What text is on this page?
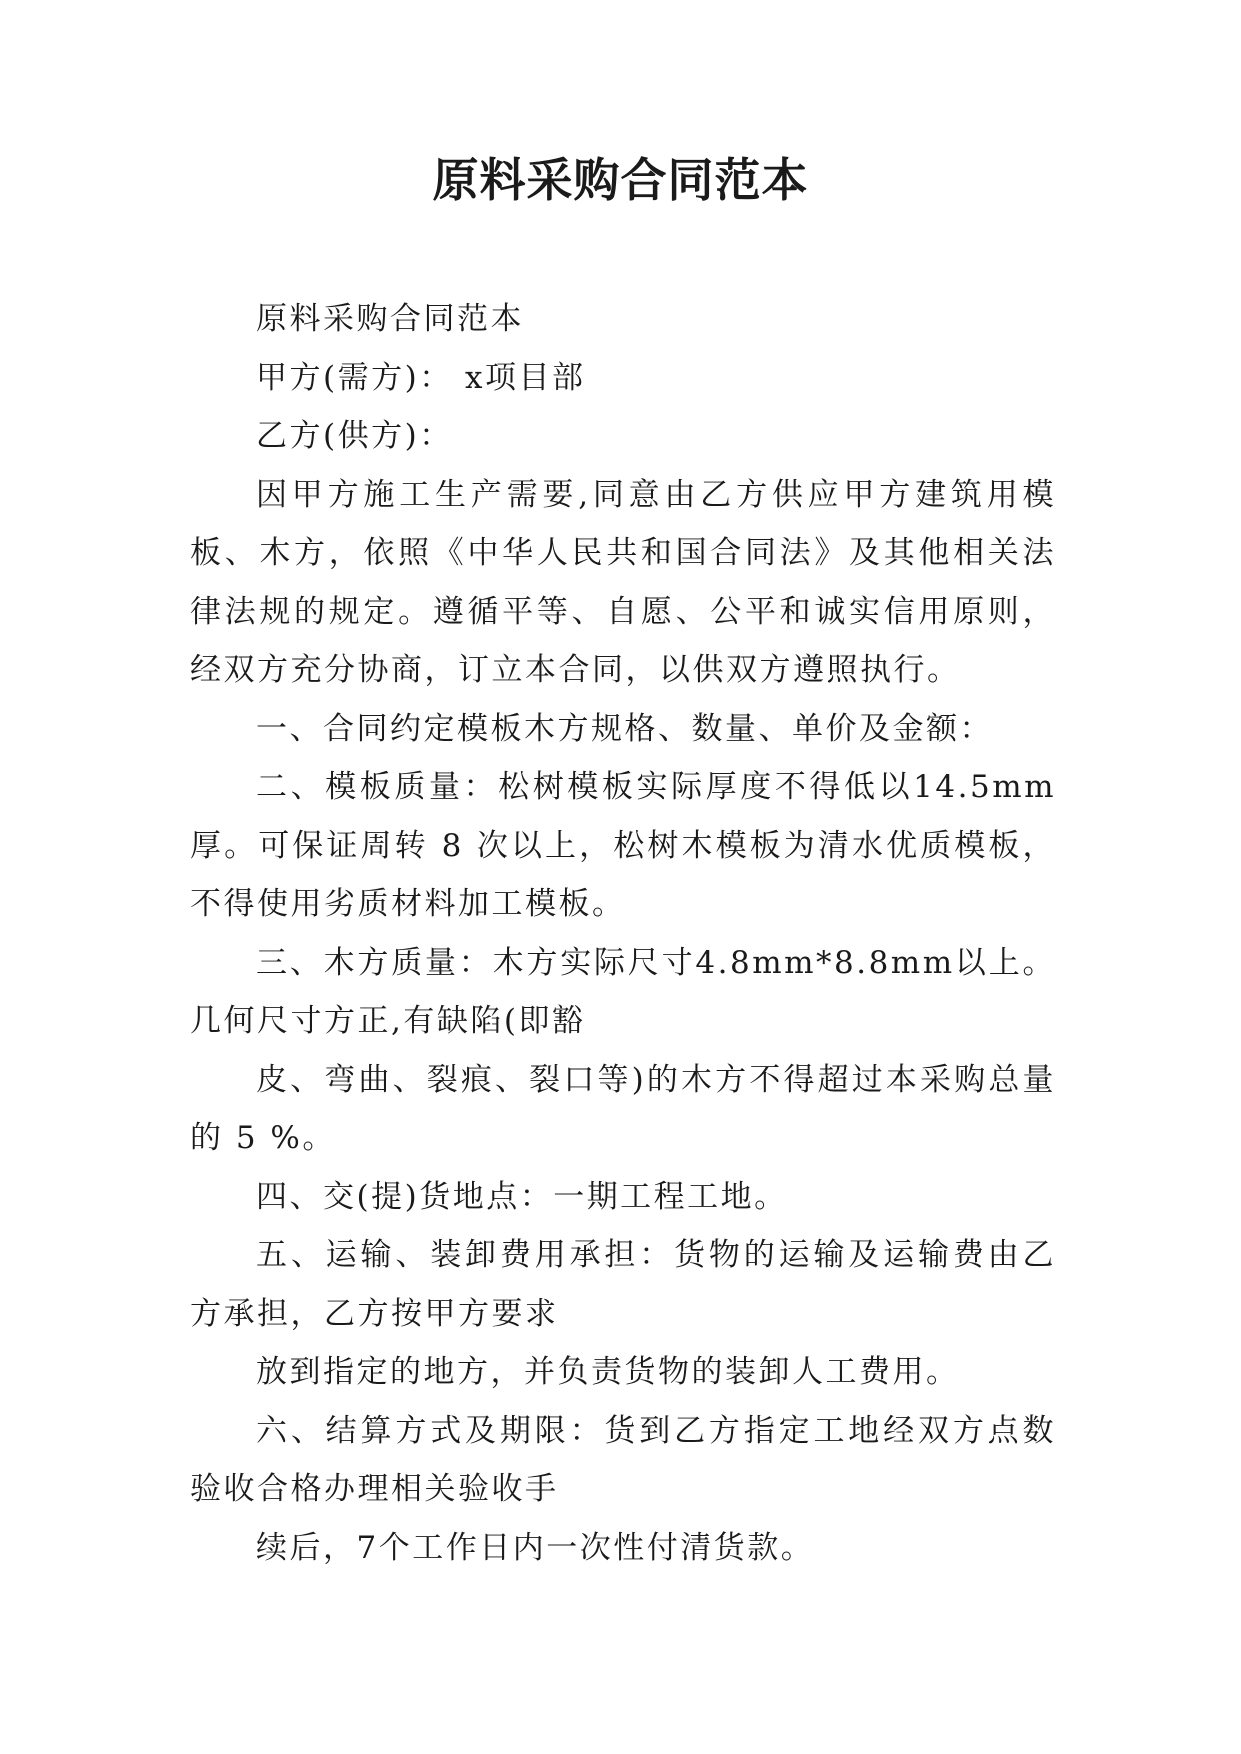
原料采购合同范本

原料采购合同范本

甲方(需方)： x项目部

乙方(供方)：

因甲方施工生产需要,同意由乙方供应甲方建筑用模板、木方，依照《中华人民共和国合同法》及其他相关法律法规的规定。遵循平等、自愿、公平和诚实信用原则，经双方充分协商，订立本合同，以供双方遵照执行。

一、合同约定模板木方规格、数量、单价及金额：

二、模板质量：松树模板实际厚度不得低以14.5mm厚。可保证周转 8 次以上，松树木模板为清水优质模板，不得使用劣质材料加工模板。

三、木方质量：木方实际尺寸4.8mm*8.8mm以上。几何尺寸方正,有缺陷(即豁

皮、弯曲、裂痕、裂口等)的木方不得超过本采购总量的 5 %。

四、交(提)货地点：一期工程工地。

五、运输、装卸费用承担：货物的运输及运输费由乙方承担，乙方按甲方要求

放到指定的地方，并负责货物的装卸人工费用。

六、结算方式及期限：货到乙方指定工地经双方点数验收合格办理相关验收手

续后，7个工作日内一次性付清货款。
